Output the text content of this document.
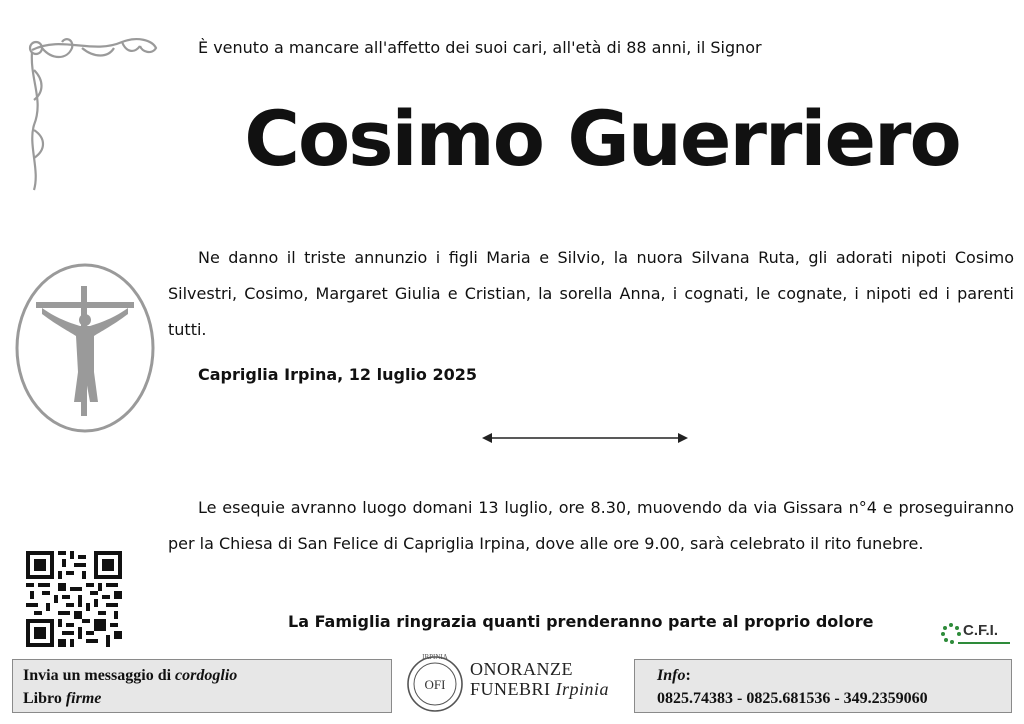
È venuto a mancare all'affetto dei suoi cari, all'età di 88 anni, il Signor
Cosimo Guerriero
Ne danno il triste annunzio i figli Maria e Silvio, la nuora Silvana Ruta, gli adorati nipoti Cosimo Silvestri, Cosimo, Margaret Giulia e Cristian, la sorella Anna, i cognati, le cognate, i nipoti ed i parenti tutti.
Capriglia Irpina, 12 luglio 2025
Le esequie avranno luogo domani 13 luglio, ore 8.30, muovendo da via Gissara n°4 e proseguiranno per la Chiesa di San Felice di Capriglia Irpina, dove alle ore 9.00, sarà celebrato il rito funebre.
La Famiglia ringrazia quanti prenderanno parte al proprio dolore	C.F.I.
Invia un messaggio di cordoglio
Libro firme
IRPINIA
OFI
ONORANZE
FUNEBRI Irpinia
Info:
0825.74383 - 0825.681536 - 349.2359060
